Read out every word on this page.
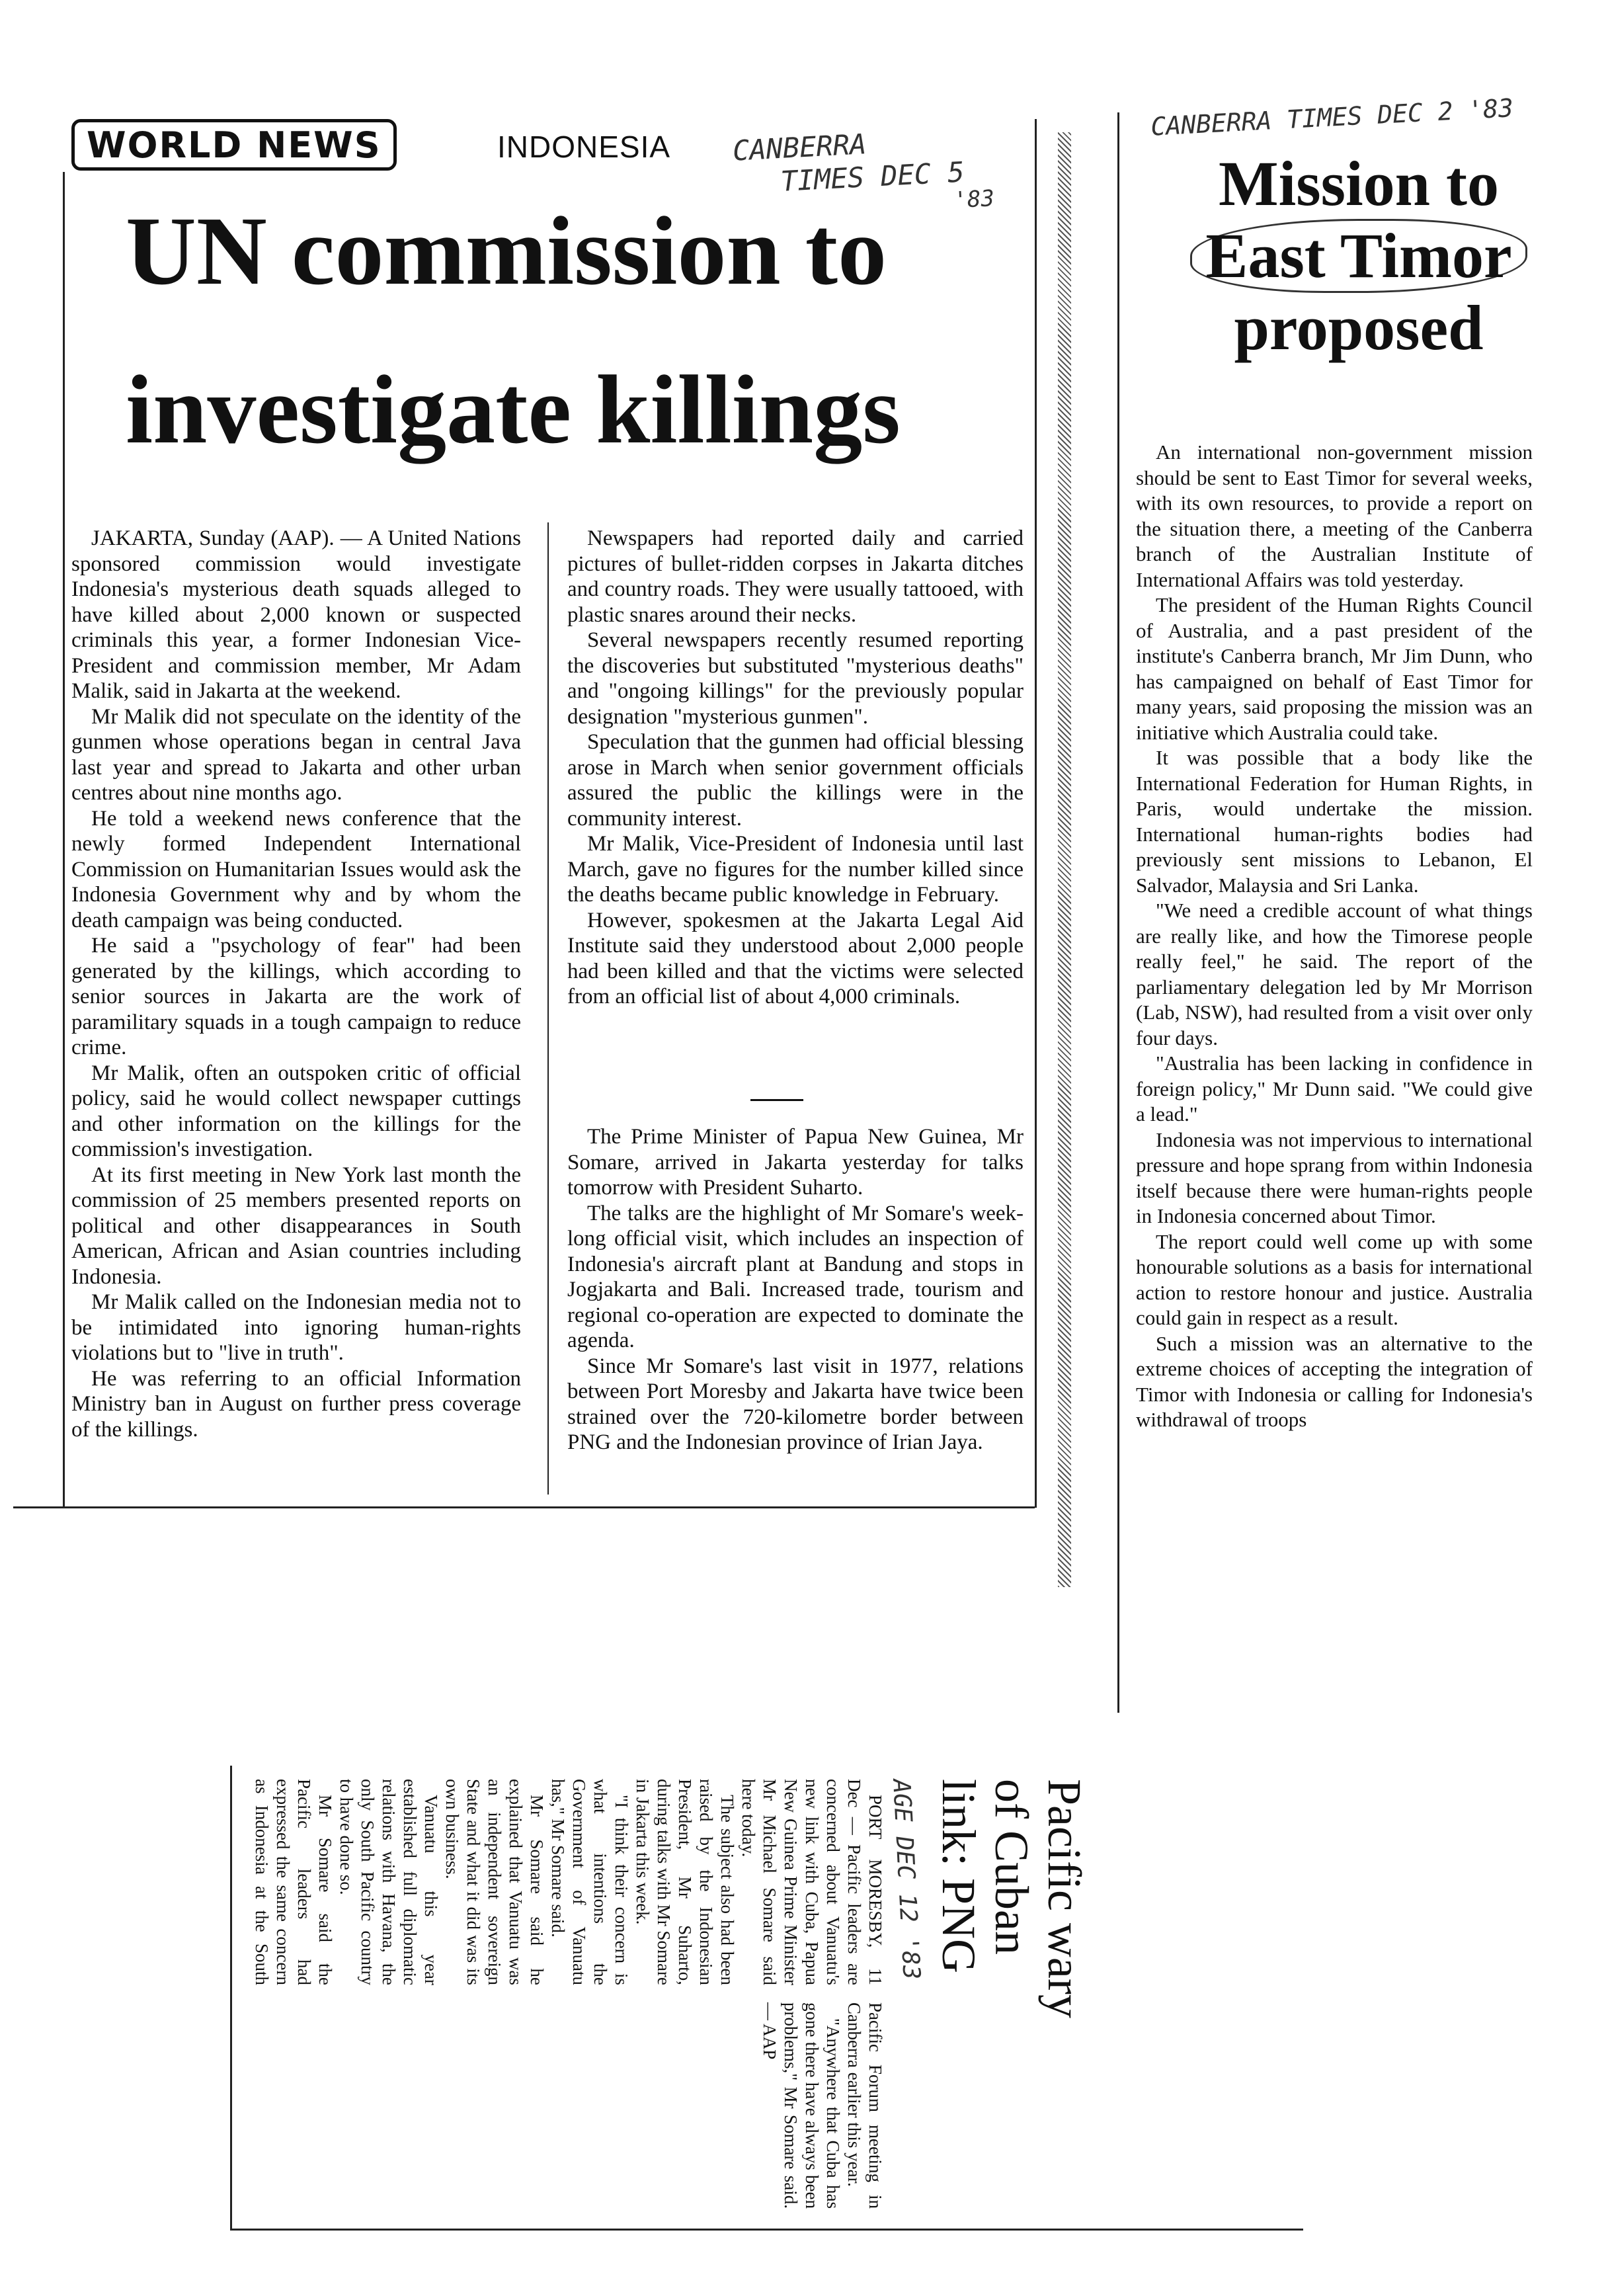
WORLD NEWS	INDONESIA CANBERRA
TIMES DEC 5
'83
CANBERRA TIMES DEC 2 '83
UN commission to
investigate killings

JAKARTA, Sunday (AAP). — A United Nations sponsored commission would investigate Indonesia's mysterious death squads alleged to have killed about 2,000 known or suspected criminals this year, a former Indonesian Vice-President and commission member, Mr Adam Malik, said in Jakarta at the weekend.

Mr Malik did not speculate on the identity of the gunmen whose operations began in central Java last year and spread to Jakarta and other urban centres about nine months ago.

He told a weekend news conference that the newly formed Independent International Commission on Humanitarian Issues would ask the Indonesia Government why and by whom the death campaign was being conducted.

He said a "psychology of fear" had been generated by the killings, which according to senior sources in Jakarta are the work of paramilitary squads in a tough campaign to reduce crime.

Mr Malik, often an outspoken critic of official policy, said he would collect newspaper cuttings and other information on the killings for the commission's investigation.

At its first meeting in New York last month the commission of 25 members presented reports on political and other disappearances in South American, African and Asian countries including Indonesia.

Mr Malik called on the Indonesian media not to be intimidated into ignoring human-rights violations but to "live in truth".

He was referring to an official Information Ministry ban in August on further press coverage of the killings.

Newspapers had reported daily and carried pictures of bullet-ridden corpses in Jakarta ditches and country roads. They were usually tattooed, with plastic snares around their necks.

Several newspapers recently resumed reporting the discoveries but substituted "mysterious deaths" and "ongoing killings" for the previously popular designation "mysterious gunmen".

Speculation that the gunmen had official blessing arose in March when senior government officials assured the public the killings were in the community interest.

Mr Malik, Vice-President of Indonesia until last March, gave no figures for the number killed since the deaths became public knowledge in February.

However, spokesmen at the Jakarta Legal Aid Institute said they understood about 2,000 people had been killed and that the victims were selected from an official list of about 4,000 criminals.

The Prime Minister of Papua New Guinea, Mr Somare, arrived in Jakarta yesterday for talks tomorrow with President Suharto.

The talks are the highlight of Mr Somare's week-long official visit, which includes an inspection of Indonesia's aircraft plant at Bandung and stops in Jogjakarta and Bali. Increased trade, tourism and regional co-operation are expected to dominate the agenda.

Since Mr Somare's last visit in 1977, relations between Port Moresby and Jakarta have twice been strained over the 720-kilometre border between PNG and the Indonesian province of Irian Jaya.

Mission to
East Timor
proposed

An international non-government mission should be sent to East Timor for several weeks, with its own resources, to provide a report on the situation there, a meeting of the Canberra branch of the Australian Institute of International Affairs was told yesterday.

The president of the Human Rights Council of Australia, and a past president of the institute's Canberra branch, Mr Jim Dunn, who has campaigned on behalf of East Timor for many years, said proposing the mission was an initiative which Australia could take.

It was possible that a body like the International Federation for Human Rights, in Paris, would undertake the mission. International human-rights bodies had previously sent missions to Lebanon, El Salvador, Malaysia and Sri Lanka.

"We need a credible account of what things are really like, and how the Timorese people really feel," he said. The report of the parliamentary delegation led by Mr Morrison (Lab, NSW), had resulted from a visit over only four days.

"Australia has been lacking in confidence in foreign policy," Mr Dunn said. "We could give a lead."

Indonesia was not impervious to international pressure and hope sprang from within Indonesia itself because there were human-rights people in Indonesia concerned about Timor.

The report could well come up with some honourable solutions as a basis for international action to restore honour and justice. Australia could gain in respect as a result.

Such a mission was an alternative to the extreme choices of accepting the integration of Timor with Indonesia or calling for Indonesia's withdrawal of troops

Pacific wary
of Cuban
link: PNG
AGE DEC 12 '83

PORT MORESBY, 11 Dec — Pacific leaders are concerned about Vanuatu's new link with Cuba, Papua New Guinea Prime Minister Mr Michael Somare said here today.

The subject also had been raised by the Indonesian President, Mr Suharto, during talks with Mr Somare in Jakarta this week.

"I think their concern is what intentions the Government of Vanuatu has," Mr Somare said.

Mr Somare said he explained that Vanuatu was an independent sovereign State and what it did was its own business.

Vanuatu this year established full diplomatic relations with Havana, the only South Pacific country to have done so.

Mr Somare said the Pacific leaders had expressed the same concern as Indonesia at the South Pacific Forum meeting in Canberra earlier this year.

"Anywhere that Cuba has gone there have always been problems," Mr Somare said. — AAP
